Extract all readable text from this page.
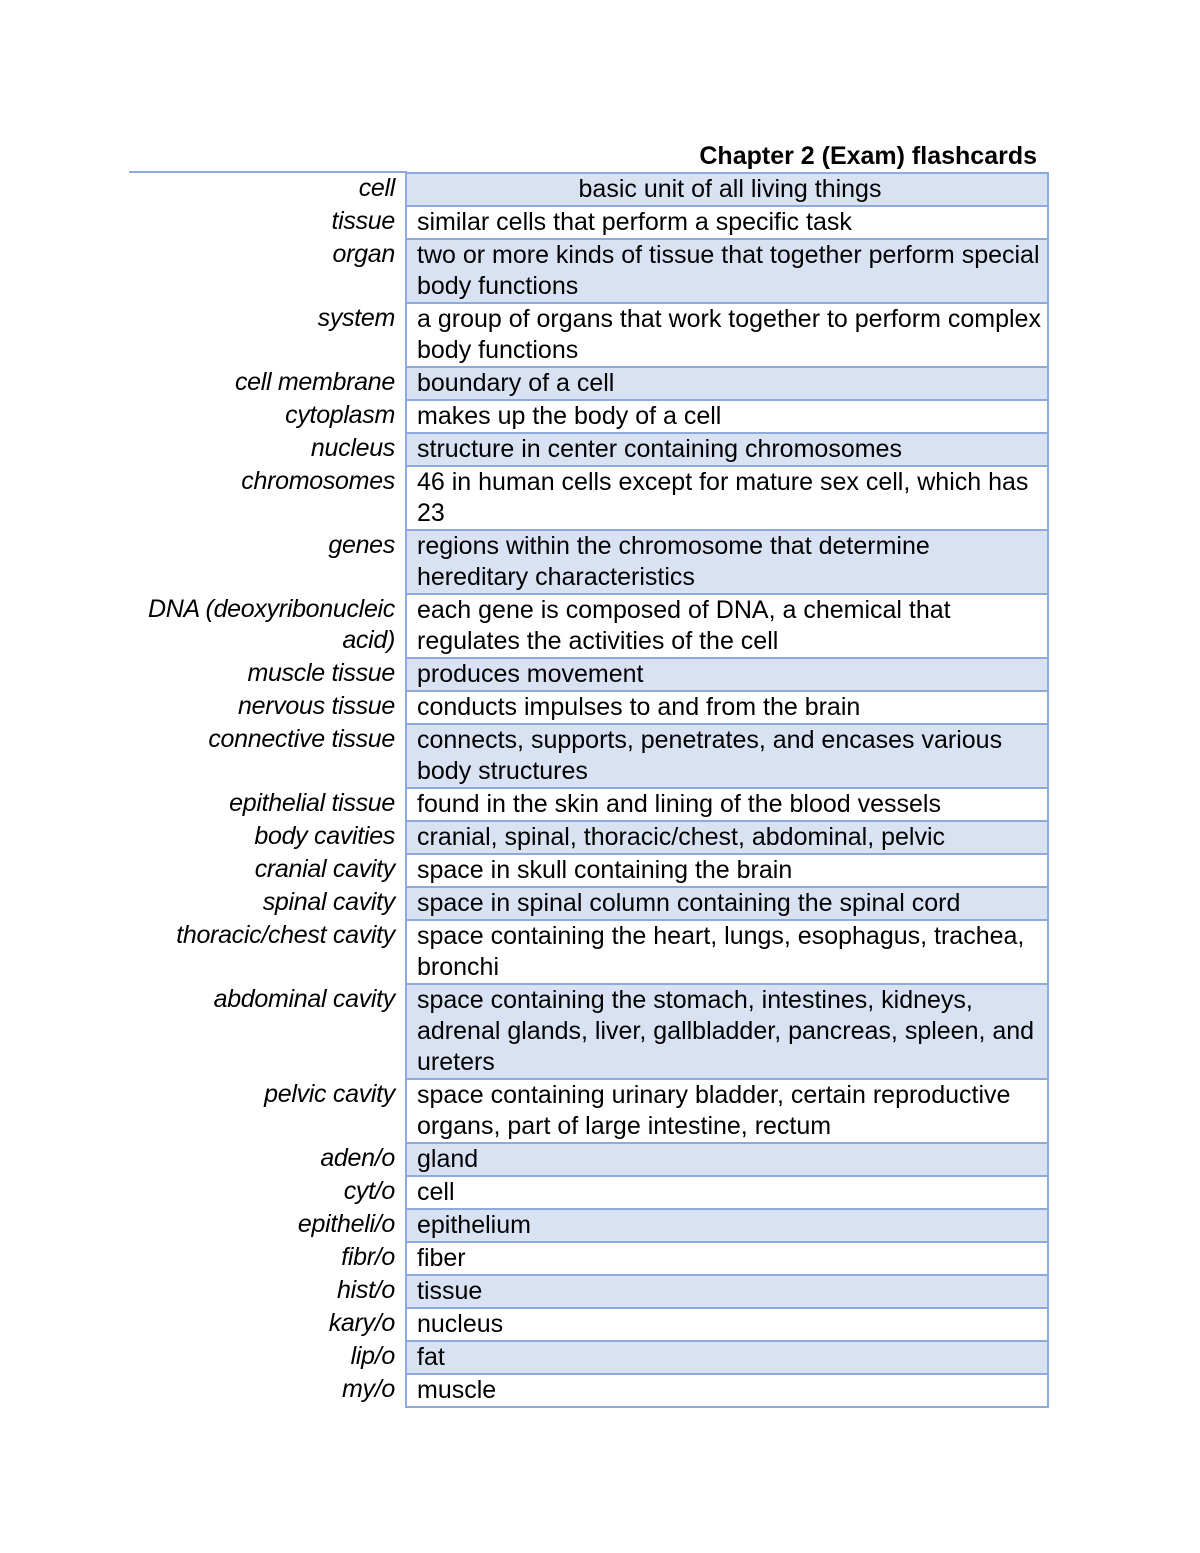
Chapter 2 (Exam) flashcards
cell	basic unit of all living things
tissue	similar cells that perform a specific task
organ	two or more kinds of tissue that together perform special body functions
system	a group of organs that work together to perform complex body functions
cell membrane	boundary of a cell
cytoplasm	makes up the body of a cell
nucleus	structure in center containing chromosomes
chromosomes	46 in human cells except for mature sex cell, which has 23
genes	regions within the chromosome that determine hereditary characteristics
DNA (deoxyribonucleic acid)	each gene is composed of DNA, a chemical that regulates the activities of the cell
muscle tissue	produces movement
nervous tissue	conducts impulses to and from the brain
connective tissue	connects, supports, penetrates, and encases various body structures
epithelial tissue	found in the skin and lining of the blood vessels
body cavities	cranial, spinal, thoracic/chest, abdominal, pelvic
cranial cavity	space in skull containing the brain
spinal cavity	space in spinal column containing the spinal cord
thoracic/chest cavity	space containing the heart, lungs, esophagus, trachea, bronchi
abdominal cavity	space containing the stomach, intestines, kidneys, adrenal glands, liver, gallbladder, pancreas, spleen, and ureters
pelvic cavity	space containing urinary bladder, certain reproductive organs, part of large intestine, rectum
aden/o	gland
cyt/o	cell
epitheli/o	epithelium
fibr/o	fiber
hist/o	tissue
kary/o	nucleus
lip/o	fat
my/o	muscle
